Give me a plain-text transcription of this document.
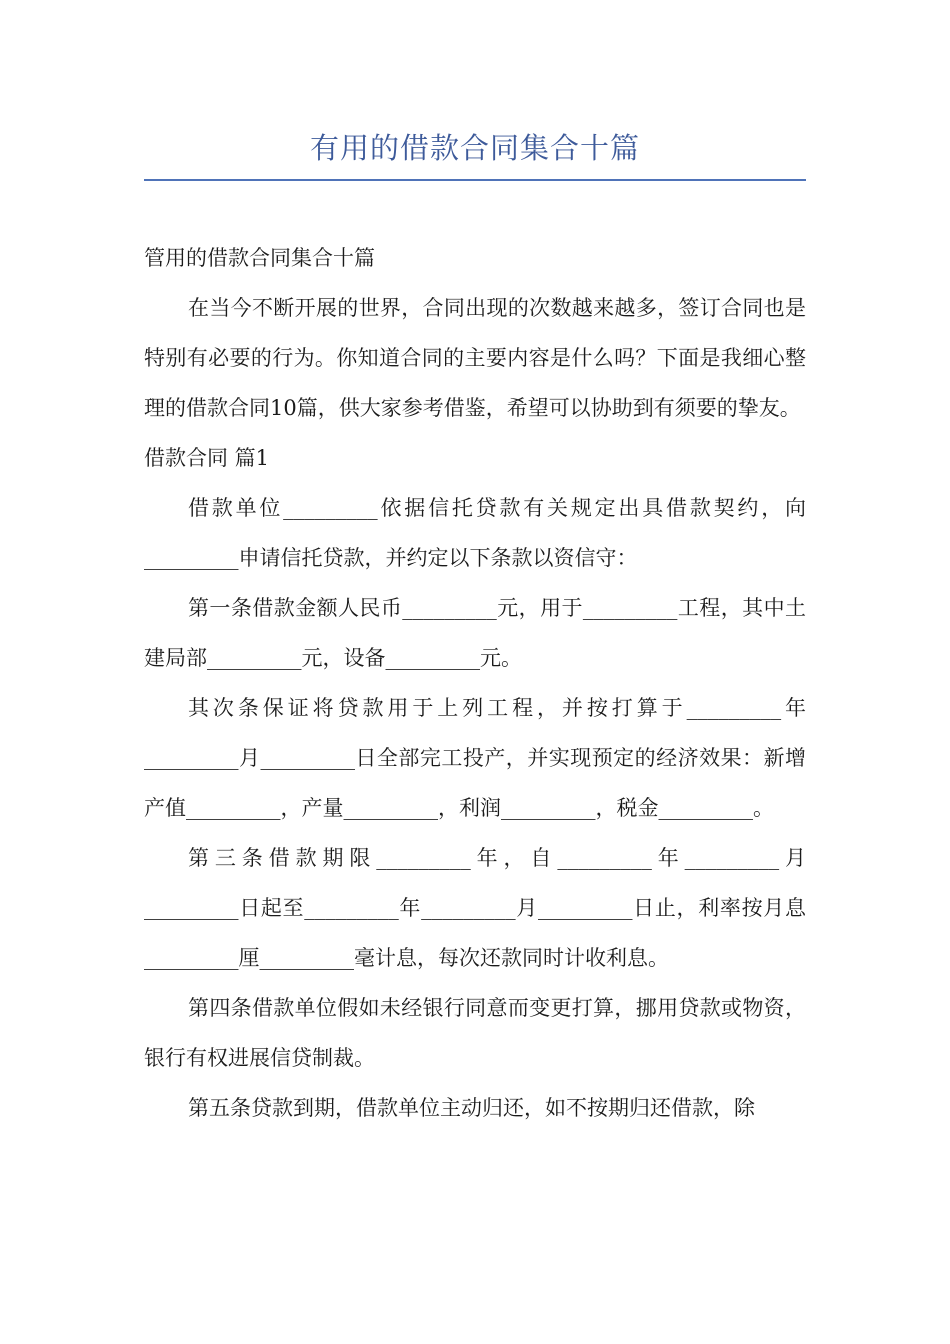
有用的借款合同集合十篇

管用的借款合同集合十篇

在当今不断开展的世界，合同出现的次数越来越多，签订合同也是特别有必要的行为。你知道合同的主要内容是什么吗？下面是我细心整理的借款合同10篇，供大家参考借鉴，希望可以协助到有须要的挚友。

借款合同 篇1

借款单位_________依据信托贷款有关规定出具借款契约，向_________申请信托贷款，并约定以下条款以资信守：

第一条借款金额人民币_________元，用于_________工程，其中土建局部_________元，设备_________元。

其次条保证将贷款用于上列工程，并按打算于_________年_________月_________日全部完工投产，并实现预定的经济效果：新增产值_________，产量_________，利润_________，税金_________。

第三条借款期限_________年，自_________年_________月_________日起至_________年_________月_________日止，利率按月息_________厘_________毫计息，每次还款同时计收利息。

第四条借款单位假如未经银行同意而变更打算，挪用贷款或物资，银行有权进展信贷制裁。

第五条贷款到期，借款单位主动归还，如不按期归还借款，除
